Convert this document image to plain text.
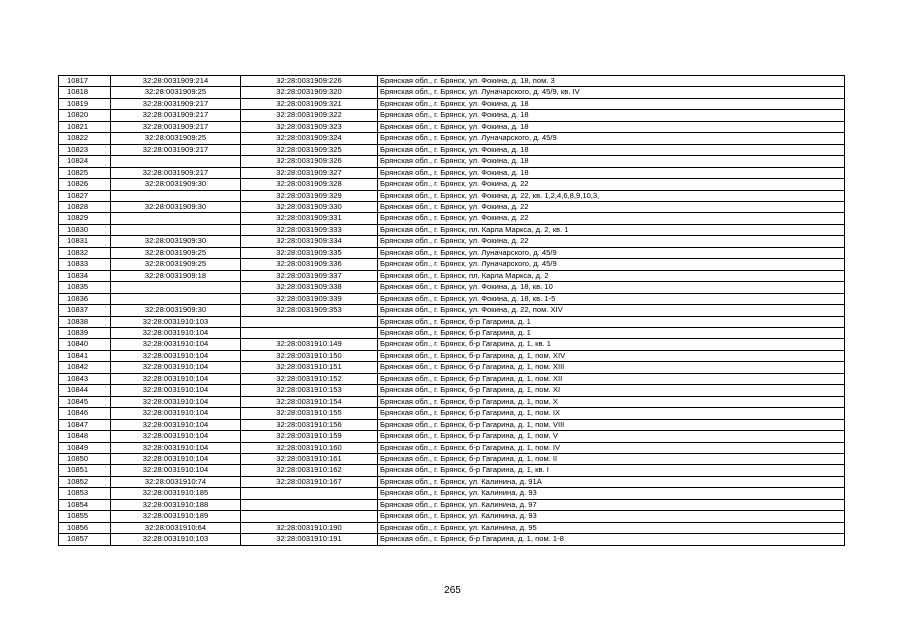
10817	32:28:0031909:214	32:28:0031909:226	Брянская обл., г. Брянск, ул. Фокина, д. 18, пом. 3
10818	32:28:0031909:25	32:28:0031909:320	Брянская обл., г. Брянск, ул. Луначарского, д. 45/9, кв. IV
10819	32:28:0031909:217	32:28:0031909:321	Брянская обл., г. Брянск, ул. Фокина, д. 18
10820	32:28:0031909:217	32:28:0031909:322	Брянская обл., г. Брянск, ул. Фокина, д. 18
10821	32:28:0031909:217	32:28:0031909:323	Брянская обл., г. Брянск, ул. Фокина, д. 18
10822	32:28:0031909:25	32:28:0031909:324	Брянская обл., г. Брянск, ул. Луначарского, д. 45/9
10823	32:28:0031909:217	32:28:0031909:325	Брянская обл., г. Брянск, ул. Фокина, д. 18
10824		32:28:0031909:326	Брянская обл., г. Брянск, ул. Фокина, д. 18
10825	32:28:0031909:217	32:28:0031909:327	Брянская обл., г. Брянск, ул. Фокина, д. 18
10826	32:28:0031909:30	32:28:0031909:328	Брянская обл., г. Брянск, ул. Фокина, д. 22
10827		32:28:0031909:329	Брянская обл., г. Брянск, ул. Фокина, д. 22, кв. 1,2,4,6,8,9,10,3,
10828	32:28:0031909:30	32:28:0031909:330	Брянская обл., г. Брянск, ул. Фокина, д. 22
10829		32:28:0031909:331	Брянская обл., г. Брянск, ул. Фокина, д. 22
10830		32:28:0031909:333	Брянская обл., г. Брянск, пл. Карла Маркса, д. 2, кв. 1
10831	32:28:0031909:30	32:28:0031909:334	Брянская обл., г. Брянск, ул. Фокина, д. 22
10832	32:28:0031909:25	32:28:0031909:335	Брянская обл., г. Брянск, ул. Луначарского, д. 45/9
10833	32:28:0031909:25	32:28:0031909:336	Брянская обл., г. Брянск, ул. Луначарского, д. 45/9
10834	32:28:0031909:18	32:28:0031909:337	Брянская обл., г. Брянск, пл. Карла Маркса, д. 2
10835		32:28:0031909:338	Брянская обл., г. Брянск, ул. Фокина, д. 18, кв. 10
10836		32:28:0031909:339	Брянская обл., г. Брянск, ул. Фокина, д. 18, кв. 1-5
10837	32:28:0031909:30	32:28:0031909:353	Брянская обл., г. Брянск, ул. Фокина, д. 22, пом. XIV
10838	32:28:0031910:103		Брянская обл., г. Брянск, б-р Гагарина, д. 1
10839	32:28:0031910:104		Брянская обл., г. Брянск, б-р Гагарина, д. 1
10840	32:28:0031910:104	32:28:0031910:149	Брянская обл., г. Брянск, б-р Гагарина, д. 1, кв. 1
10841	32:28:0031910:104	32:28:0031910:150	Брянская обл., г. Брянск, б-р Гагарина, д. 1, пом. XIV
10842	32:28:0031910:104	32:28:0031910:151	Брянская обл., г. Брянск, б-р Гагарина, д. 1, пом. XIII
10843	32:28:0031910:104	32:28:0031910:152	Брянская обл., г. Брянск, б-р Гагарина, д. 1, пом. XII
10844	32:28:0031910:104	32:28:0031910:153	Брянская обл., г. Брянск, б-р Гагарина, д. 1, пом. XI
10845	32:28:0031910:104	32:28:0031910:154	Брянская обл., г. Брянск, б-р Гагарина, д. 1, пом. X
10846	32:28:0031910:104	32:28:0031910:155	Брянская обл., г. Брянск, б-р Гагарина, д. 1, пом. IX
10847	32:28:0031910:104	32:28:0031910:156	Брянская обл., г. Брянск, б-р Гагарина, д. 1, пом. VIII
10848	32:28:0031910:104	32:28:0031910:159	Брянская обл., г. Брянск, б-р Гагарина, д. 1, пом. V
10849	32:28:0031910:104	32:28:0031910:160	Брянская обл., г. Брянск, б-р Гагарина, д. 1, пом. IV
10850	32:28:0031910:104	32:28:0031910:161	Брянская обл., г. Брянск, б-р Гагарина, д. 1, пом. II
10851	32:28:0031910:104	32:28:0031910:162	Брянская обл., г. Брянск, б-р Гагарина, д. 1, кв. I
10852	32:28:0031910:74	32:28:0031910:167	Брянская обл., г. Брянск, ул. Калинина, д. 91А
10853	32:28:0031910:185		Брянская обл., г. Брянск, ул. Калинина, д. 93
10854	32:28:0031910:188		Брянская обл., г. Брянск, ул. Калинина, д. 97
10855	32:28:0031910:189		Брянская обл., г. Брянск, ул. Калинина, д. 93
10856	32:28:0031910:64	32:28:0031910:190	Брянская обл., г. Брянск, ул. Калинина, д. 95
10857	32:28:0031910:103	32:28:0031910:191	Брянская обл., г. Брянск, б-р Гагарина, д. 1, пом. 1-8
265
